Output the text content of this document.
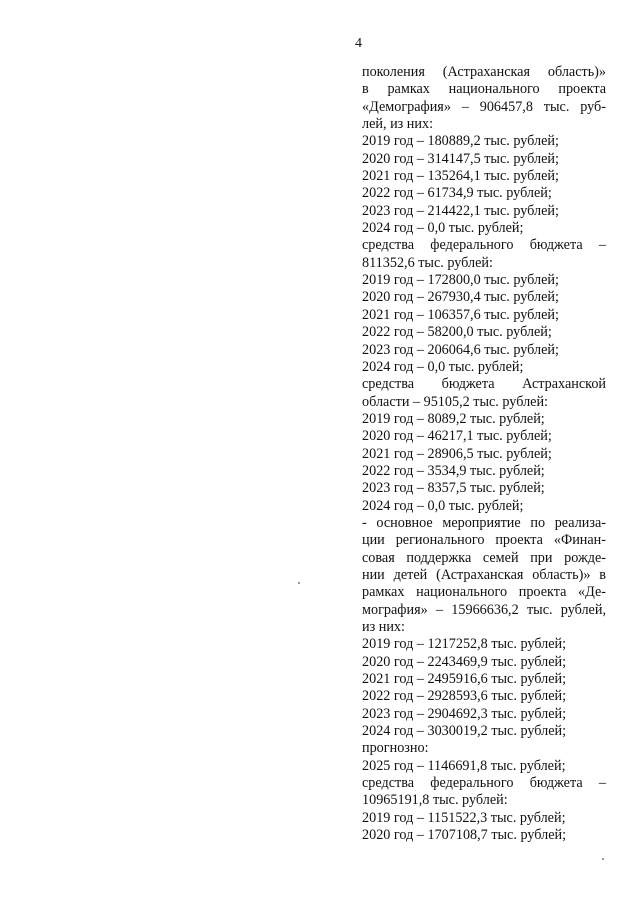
4
поколения (Астраханская область)»
в рамках национального проекта
«Демография» – 906457,8 тыс. руб-
лей, из них:
2019 год – 180889,2 тыс. рублей;
2020 год – 314147,5 тыс. рублей;
2021 год – 135264,1 тыс. рублей;
2022 год – 61734,9 тыс. рублей;
2023 год – 214422,1 тыс. рублей;
2024 год – 0,0 тыс. рублей;
средства федерального бюджета –
811352,6 тыс. рублей:
2019 год – 172800,0 тыс. рублей;
2020 год – 267930,4 тыс. рублей;
2021 год – 106357,6 тыс. рублей;
2022 год – 58200,0 тыс. рублей;
2023 год – 206064,6 тыс. рублей;
2024 год – 0,0 тыс. рублей;
средства бюджета Астраханской
области – 95105,2 тыс. рублей:
2019 год – 8089,2 тыс. рублей;
2020 год – 46217,1 тыс. рублей;
2021 год – 28906,5 тыс. рублей;
2022 год – 3534,9 тыс. рублей;
2023 год – 8357,5 тыс. рублей;
2024 год – 0,0 тыс. рублей;
- основное мероприятие по реализа-
ции регионального проекта «Финан-
совая поддержка семей при рожде-
нии детей (Астраханская область)» в
рамках национального проекта «Де-
мография» – 15966636,2 тыс. рублей,
из них:
2019 год – 1217252,8 тыс. рублей;
2020 год – 2243469,9 тыс. рублей;
2021 год – 2495916,6 тыс. рублей;
2022 год – 2928593,6 тыс. рублей;
2023 год – 2904692,3 тыс. рублей;
2024 год – 3030019,2 тыс. рублей;
прогнозно:
2025 год – 1146691,8 тыс. рублей;
средства федерального бюджета –
10965191,8 тыс. рублей:
2019 год – 1151522,3 тыс. рублей;
2020 год – 1707108,7 тыс. рублей;
